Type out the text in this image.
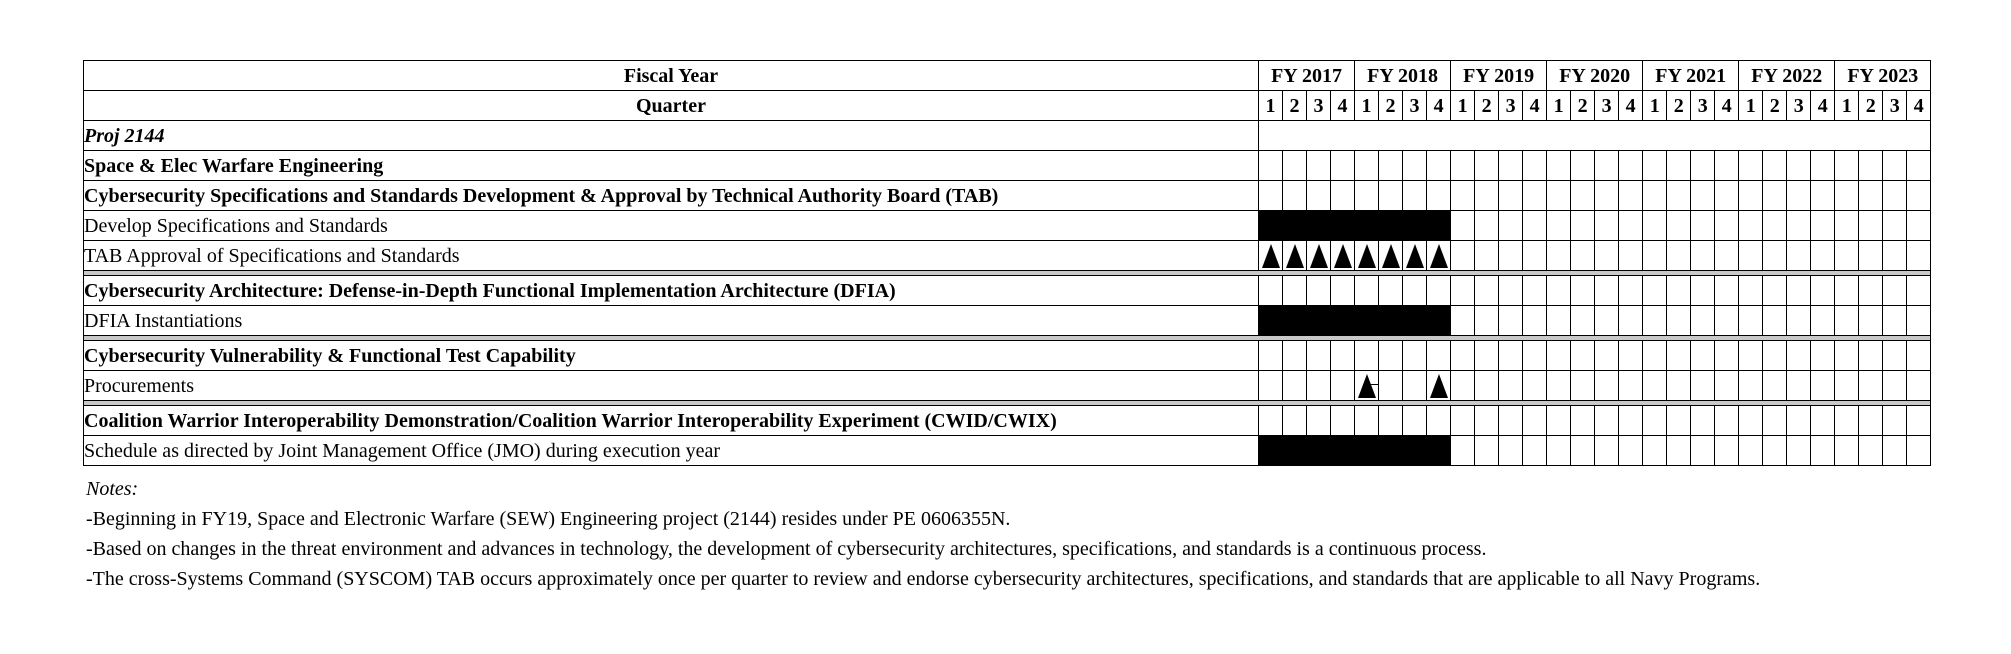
Fiscal Year	FY 2017				FY 2018				FY 2019				FY 2020				FY 2021				FY 2022				FY 2023			
Quarter	1	2	3	4	1	2	3	4	1	2	3	4	1	2	3	4	1	2	3	4	1	2	3	4	1	2	3	4
Proj 2144																												
Space & Elec Warfare Engineering																												
Cybersecurity Specifications and Standards Development & Approval by Technical Authority Board (TAB)																												
Develop Specifications and Standards																												
TAB Approval of Specifications and Standards	

Cybersecurity Architecture: Defense-in-Depth Functional Implementation Architecture (DFIA)																												
DFIA Instantiations																												

Cybersecurity Vulnerability & Functional Test Capability																												
Procurements					

Coalition Warrior Interoperability Demonstration/Coalition Warrior Interoperability Experiment (CWID/CWIX)																												
Schedule as directed by Joint Management Office (JMO) during execution year																												

Notes:

-Beginning in FY19, Space and Electronic Warfare (SEW) Engineering project (2144) resides under PE 0606355N.

-Based on changes in the threat environment and advances in technology, the development of cybersecurity architectures, specifications, and standards is a continuous process.

-The cross-Systems Command (SYSCOM) TAB occurs approximately once per quarter to review and endorse cybersecurity architectures, specifications, and standards that are applicable to all Navy Programs.
